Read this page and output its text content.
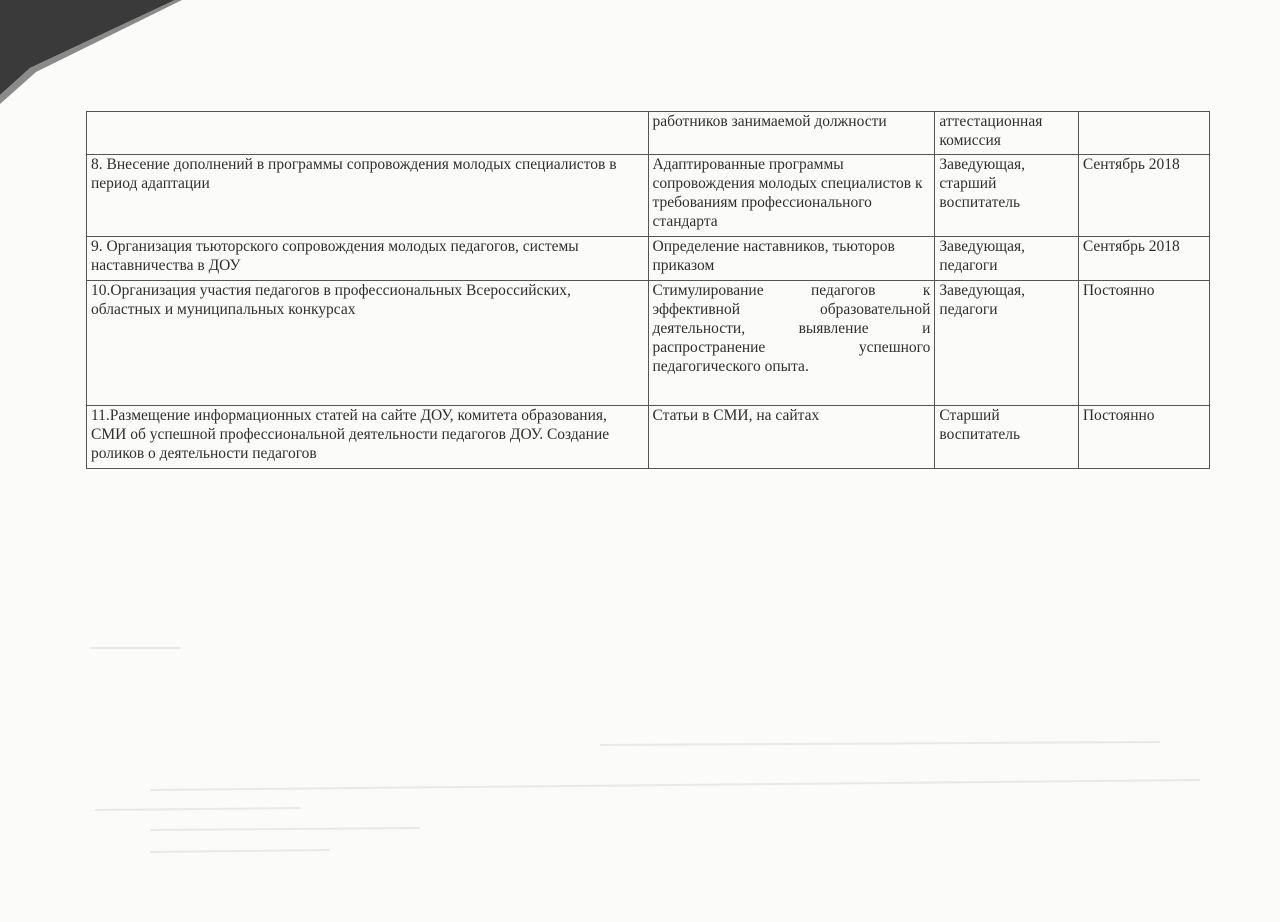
	работников занимаемой должности	аттестационная комиссия	
8. Внесение дополнений в программы сопровождения молодых специалистов в период адаптации	Адаптированные программы сопровождения молодых специалистов к требованиям профессионального стандарта	Заведующая, старший воспитатель	Сентябрь 2018
9. Организация тьюторского сопровождения молодых педагогов, системы наставничества в ДОУ	Определение наставников, тьюторов приказом	Заведующая, педагоги	Сентябрь 2018
10.Организация участия педагогов в профессиональных Всероссийских, областных и муниципальных конкурсах	Стимулирование педагогов к эффективной образовательной деятельности, выявление и распространение успешного педагогического опыта.	Заведующая, педагоги	Постоянно
11.Размещение информационных статей на сайте ДОУ, комитета образования, СМИ об успешной профессиональной деятельности педагогов ДОУ. Создание роликов о деятельности педагогов	Статьи в СМИ, на сайтах	Старший воспитатель	Постоянно
